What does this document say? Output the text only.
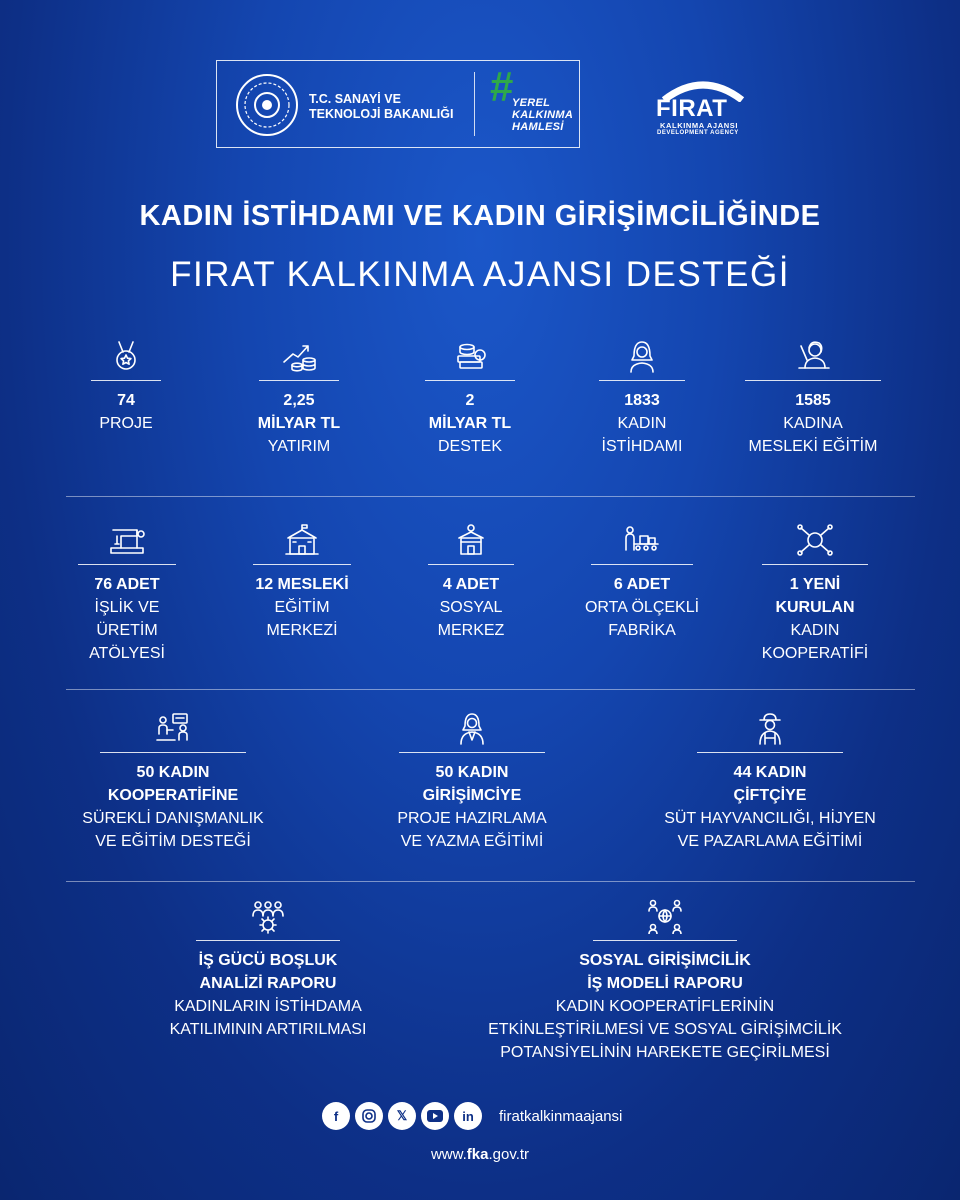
T.C. SANAYİ VE
TEKNOLOJİ BAKANLIĞI
#
YEREL
KALKINMA
HAMLESİ
FIRAT
KALKINMA AJANSI
DEVELOPMENT AGENCY
KADIN İSTİHDAMI VE KADIN GİRİŞİMCİLİĞİNDE
FIRAT KALKINMA AJANSI DESTEĞİ
74
PROJE
2,25
MİLYAR TL
YATIRIM
2
MİLYAR TL
DESTEK
1833
KADIN
İSTİHDAMI
1585
KADINA
MESLEKİ EĞİTİM
76 ADET
İŞLİK VE
ÜRETİM
ATÖLYESİ
12 MESLEKİ
EĞİTİM
MERKEZİ
4 ADET
SOSYAL
MERKEZ
6 ADET
ORTA ÖLÇEKLİ
FABRİKA
1 YENİ
KURULAN
KADIN
KOOPERATİFİ
50 KADIN
KOOPERATİFİNE
SÜREKLİ DANIŞMANLIK
VE EĞİTİM DESTEĞİ
50 KADIN
GİRİŞİMCİYE
PROJE HAZIRLAMA
VE YAZMA EĞİTİMİ
44 KADIN
ÇİFTÇİYE
SÜT HAYVANCILIĞI, HİJYEN
VE PAZARLAMA EĞİTİMİ
İŞ GÜCÜ BOŞLUK
ANALİZİ RAPORU
KADINLARIN İSTİHDAMA
KATILIMININ ARTIRILMASI
SOSYAL GİRİŞİMCİLİK
İŞ MODELİ RAPORU
KADIN KOOPERATİFLERİNİN
ETKİNLEŞTİRİLMESİ VE SOSYAL GİRİŞİMCİLİK
POTANSİYELİNİN HAREKETE GEÇİRİLMESİ
f	𝕏	in	firatkalkinmaajansi
www.fka.gov.tr
